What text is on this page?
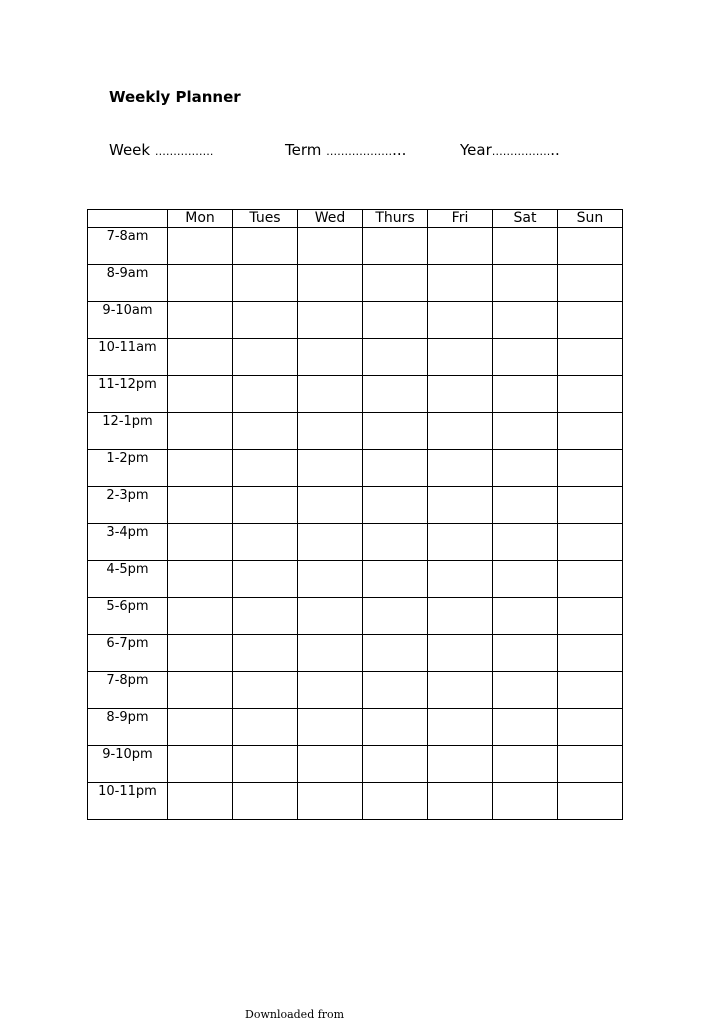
Weekly Planner
Week …………….	Term ………………...	Year……………...
	Mon	Tues	Wed	Thurs	Fri	Sat	Sun
7-8am							
8-9am							
9-10am							
10-11am							
11-12pm							
12-1pm							
1-2pm							
2-3pm							
3-4pm							
4-5pm							
5-6pm							
6-7pm							
7-8pm							
8-9pm							
9-10pm							
10-11pm							
Downloaded from
